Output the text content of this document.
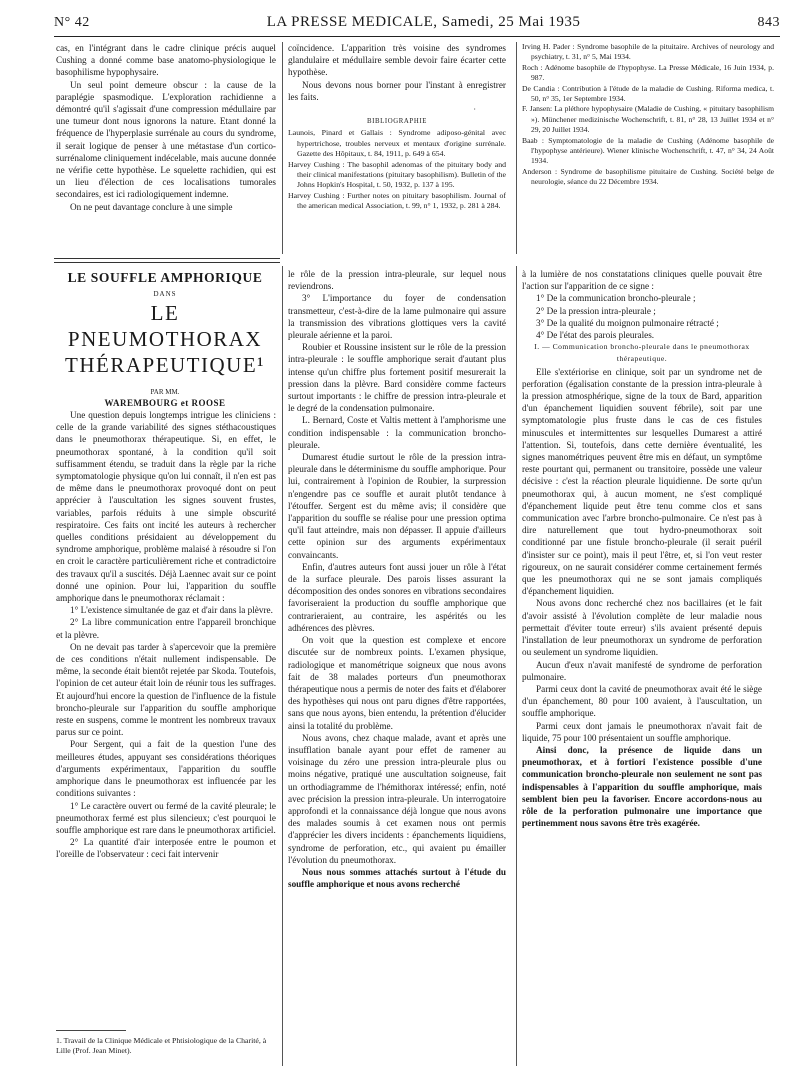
N° 42	LA PRESSE MEDICALE, Samedi, 25 Mai 1935	843

cas, en l'intégrant dans le cadre clinique précis auquel Cushing a donné comme base anatomo-physiologique le basophilisme hypophysaire.

Un seul point demeure obscur : la cause de la paraplégie spasmodique. L'exploration rachidienne a démontré qu'il s'agissait d'une compression médullaire par une tumeur dont nous ignorons la nature. Etant donné la fréquence de l'hyperplasie surrénale au cours du syndrome, il serait logique de penser à une métastase d'un cortico-surrénalome cliniquement indécelable, mais aucune donnée ne vérifie cette hypothèse. Le squelette rachidien, qui est un lieu d'élection de ces localisations tumorales secondaires, est ici radiologiquement indemne.

On ne peut davantage conclure à une simple

coïncidence. L'apparition très voisine des syndromes glandulaire et médullaire semble devoir faire écarter cette hypothèse.

Nous devons nous borner pour l'instant à enregistrer les faits.

·

BIBLIOGRAPHIE

Launois, Pinard et Gallais : Syndrome adiposo-génital avec hypertrichose, troubles nerveux et mentaux d'origine surrénale. Gazette des Hôpitaux, t. 84, 1911, p. 649 à 654.

Harvey Cushing : The basophil adenomas of the pituitary body and their clinical manifestations (pituitary basophilism). Bulletin of the Johns Hopkin's Hospital, t. 50, 1932, p. 137 à 195.

Harvey Cushing : Further notes on pituitary basophilism. Journal of the american medical Association, t. 99, n° 1, 1932, p. 281 à 284.

Irving H. Pader : Syndrome basophile de la pituitaire. Archives of neurology and psychiatry, t. 31, n° 5, Mai 1934.

Roch : Adénome basophile de l'hypophyse. La Presse Médicale, 16 Juin 1934, p. 987.

De Candia : Contribution à l'étude de la maladie de Cushing. Riforma medica, t. 50, n° 35, 1er Septembre 1934.

F. Jansen: La pléthore hypophysaire (Maladie de Cushing, « pituitary basophilism »). Münchener medizinische Wochenschrift, t. 81, n° 28, 13 Juillet 1934 et n° 29, 20 Juillet 1934.

Baab : Symptomatologie de la maladie de Cushing (Adénome basophile de l'hypophyse antérieure). Wiener klinische Wochenschrift, t. 47, n° 34, 24 Août 1934.

Anderson : Syndrome de basophilisme pituitaire de Cushing. Société belge de neurologie, séance du 22 Décembre 1934.

LE SOUFFLE AMPHORIQUE
DANS
LE PNEUMOTHORAX
THÉRAPEUTIQUE¹
PAR MM.
WAREMBOURG et ROOSE

Une question depuis longtemps intrigue les cliniciens : celle de la grande variabilité des signes stéthacoustiques dans le pneumothorax thérapeutique. Si, en effet, le pneumothorax spontané, à la condition qu'il soit suffisamment étendu, se traduit dans la règle par la riche symptomatologie physique qu'on lui connaît, il n'en est pas de même dans le pneumothorax provoqué dont on peut apprécier à l'auscultation les signes souvent frustes, variables, parfois réduits à une simple obscurité respiratoire. Ces faits ont incité les auteurs à rechercher quelles conditions présidaient au développement du syndrome amphorique, problème malaisé à résoudre si l'on en croit le caractère particulièrement riche et contradictoire des travaux qu'il a suscités. Déjà Laennec avait sur ce point donné une opinion. Pour lui, l'apparition du souffle amphorique dans le pneumothorax réclamait :

1° L'existence simultanée de gaz et d'air dans la plèvre.

2° La libre communication entre l'appareil bronchique et la plèvre.

On ne devait pas tarder à s'apercevoir que la première de ces conditions n'était nullement indispensable. De même, la seconde était bientôt rejetée par Skoda. Toutefois, l'opinion de cet auteur était loin de réunir tous les suffrages. Et aujourd'hui encore la question de l'influence de la fistule broncho-pleurale sur l'apparition du souffle amphorique reste en suspens, comme le montrent les nombreux travaux parus sur ce point.

Pour Sergent, qui a fait de la question l'une des meilleures études, appuyant ses considérations théoriques d'arguments expérimentaux, l'apparition du souffle amphorique dans le pneumothorax est influencée par les conditions suivantes :

1° Le caractère ouvert ou fermé de la cavité pleurale; le pneumothorax fermé est plus silencieux; c'est pourquoi le souffle amphorique est rare dans le pneumothorax artificiel.

2° La quantité d'air interposée entre le poumon et l'oreille de l'observateur : ceci fait intervenir

1. Travail de la Clinique Médicale et Phtisiologique de la Charité, à Lille (Prof. Jean Minet).

le rôle de la pression intra-pleurale, sur lequel nous reviendrons.

3° L'importance du foyer de condensation transmetteur, c'est-à-dire de la lame pulmonaire qui assure la transmission des vibrations glottiques vers la cavité pleurale aérienne et la paroi.

Roubier et Roussine insistent sur le rôle de la pression intra-pleurale : le souffle amphorique serait d'autant plus intense qu'un chiffre plus fortement positif mesurerait la pression dans la plèvre. Bard considère comme facteurs surtout importants : le chiffre de pression intra-pleurale et le degré de la condensation pulmonaire.

L. Bernard, Coste et Valtis mettent à l'amphorisme une condition indispensable : la communication broncho-pleurale.

Dumarest étudie surtout le rôle de la pression intra-pleurale dans le déterminisme du souffle amphorique. Pour lui, contrairement à l'opinion de Roubier, la surpression n'engendre pas ce souffle et aurait plutôt tendance à l'étouffer. Sergent est du même avis; il considère que l'apparition du souffle se réalise pour une pression optima qu'il faut atteindre, mais non dépasser. Il appuie d'ailleurs cette opinion sur des arguments expérimentaux convaincants.

Enfin, d'autres auteurs font aussi jouer un rôle à l'état de la surface pleurale. Des parois lisses assurant la décomposition des ondes sonores en vibrations secondaires favoriseraient la production du souffle amphorique que contrarieraient, au contraire, les aspérités ou les adhérences des plèvres.

On voit que la question est complexe et encore discutée sur de nombreux points. L'examen physique, radiologique et manométrique soigneux que nous avons fait de 38 malades porteurs d'un pneumothorax thérapeutique nous a permis de noter des faits et d'élaborer des hypothèses qui nous ont paru dignes d'être rapportées, sans que nous ayons, bien entendu, la prétention d'élucider ainsi la totalité du problème.

Nous avons, chez chaque malade, avant et après une insufflation banale ayant pour effet de ramener au voisinage du zéro une pression intra-pleurale plus ou moins négative, pratiqué une auscultation soigneuse, fait un orthodiagramme de l'hémithorax intéressé; enfin, noté avec précision la pression intra-pleurale. Un interrogatoire approfondi et la connaissance déjà longue que nous avons des malades soumis à cet examen nous ont permis d'apprécier les divers incidents : épanchements liquidiens, syndrome de perforation, etc., qui avaient pu émailler l'évolution du pneumothorax.

Nous nous sommes attachés surtout à l'étude du souffle amphorique et nous avons recherché

à la lumière de nos constatations cliniques quelle pouvait être l'action sur l'apparition de ce signe :

1° De la communication broncho-pleurale ;

2° De la pression intra-pleurale ;

3° De la qualité du moignon pulmonaire rétracté ;

4° De l'état des parois pleurales.

I. — Communication broncho-pleurale dans le pneumothorax thérapeutique.

Elle s'extériorise en clinique, soit par un syndrome net de perforation (égalisation constante de la pression intra-pleurale à la pression atmosphérique, signe de la toux de Bard, apparition d'un épanchement liquidien souvent fébrile), soit par une symptomatologie plus fruste dans le cas de ces fistules minuscules et intermittentes sur lesquelles Dumarest a attiré l'attention. Si, toutefois, dans cette dernière éventualité, les signes manométriques peuvent être mis en défaut, un symptôme reste pourtant qui, permanent ou transitoire, possède une valeur décisive : c'est la réaction pleurale liquidienne. De sorte qu'un pneumothorax qui, à aucun moment, ne s'est compliqué d'épanchement liquide peut être tenu comme clos et sans communication avec l'arbre broncho-pulmonaire. Ce n'est pas à dire naturellement que tout hydro-pneumothorax soit conditionné par une fistule broncho-pleurale (il serait puéril d'insister sur ce point), mais il peut l'être, et, si l'on veut rester rigoureux, on ne saurait considérer comme certainement fermés que les pneumothorax qui ne se sont jamais compliqués d'épanchement liquidien.

Nous avons donc recherché chez nos bacillaires (et le fait d'avoir assisté à l'évolution complète de leur maladie nous permettait d'éviter toute erreur) s'ils avaient présenté depuis l'installation de leur pneumothorax un syndrome de perforation ou seulement un syndrome liquidien.

Aucun d'eux n'avait manifesté de syndrome de perforation pulmonaire.

Parmi ceux dont la cavité de pneumothorax avait été le siège d'un épanchement, 80 pour 100 avaient, à l'auscultation, un souffle amphorique.

Parmi ceux dont jamais le pneumothorax n'avait fait de liquide, 75 pour 100 présentaient un souffle amphorique.

Ainsi donc, la présence de liquide dans un pneumothorax, et à fortiori l'existence possible d'une communication broncho-pleurale non seulement ne sont pas indispensables à l'apparition du souffle amphorique, mais semblent bien peu la favoriser. Encore accordons-nous au rôle de la perforation pulmonaire une importance que pertinemment nous savons être très exagérée.
